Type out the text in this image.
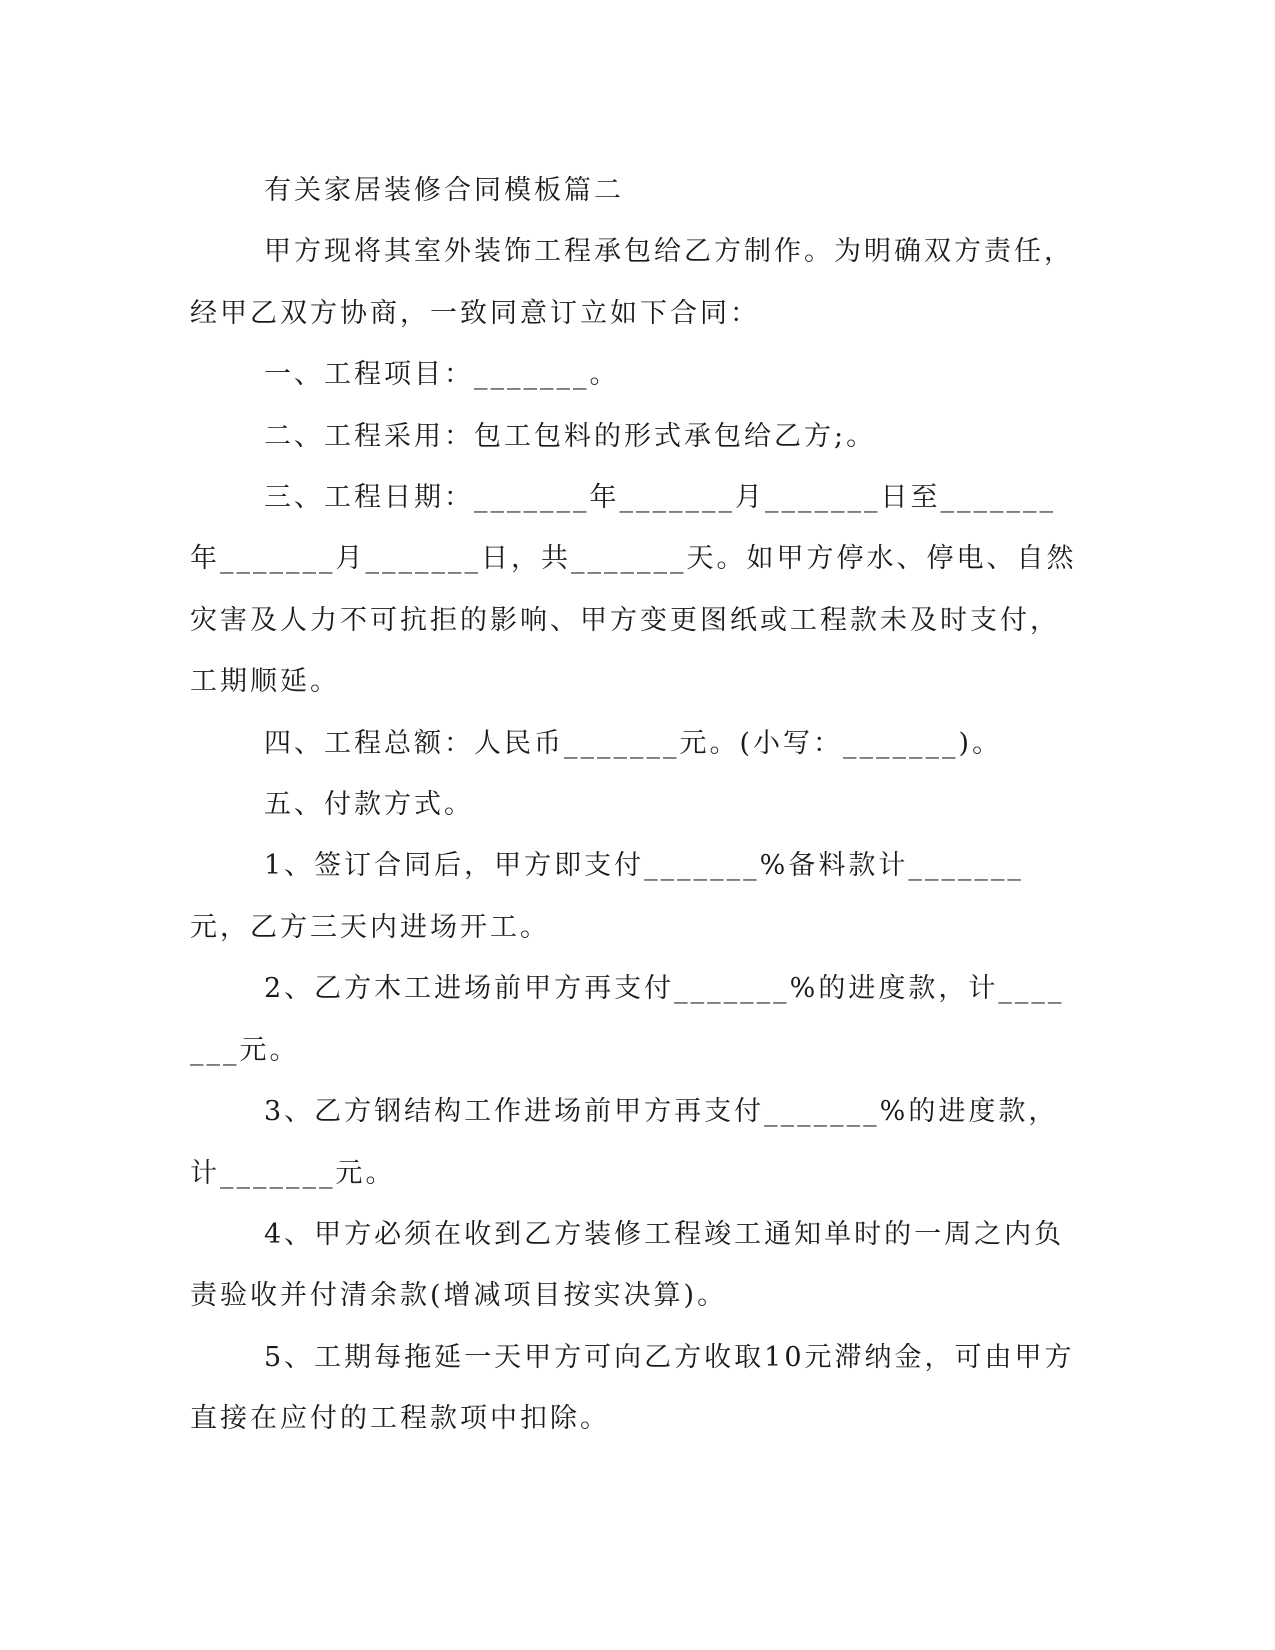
有关家居装修合同模板篇二

甲方现将其室外装饰工程承包给乙方制作。为明确双方责任，经甲乙双方协商，一致同意订立如下合同：

一、工程项目：_______。

二、工程采用：包工包料的形式承包给乙方;。

三、工程日期：_______年_______月_______日至_______年_______月_______日，共_______天。如甲方停水、停电、自然灾害及人力不可抗拒的影响、甲方变更图纸或工程款未及时支付，工期顺延。

四、工程总额：人民币_______元。(小写：_______)。

五、付款方式。

1、签订合同后，甲方即支付_______%备料款计_______元，乙方三天内进场开工。

2、乙方木工进场前甲方再支付_______%的进度款，计_______元。

3、乙方钢结构工作进场前甲方再支付_______%的进度款，计_______元。

4、甲方必须在收到乙方装修工程竣工通知单时的一周之内负责验收并付清余款(增减项目按实决算)。

5、工期每拖延一天甲方可向乙方收取10元滞纳金，可由甲方直接在应付的工程款项中扣除。
